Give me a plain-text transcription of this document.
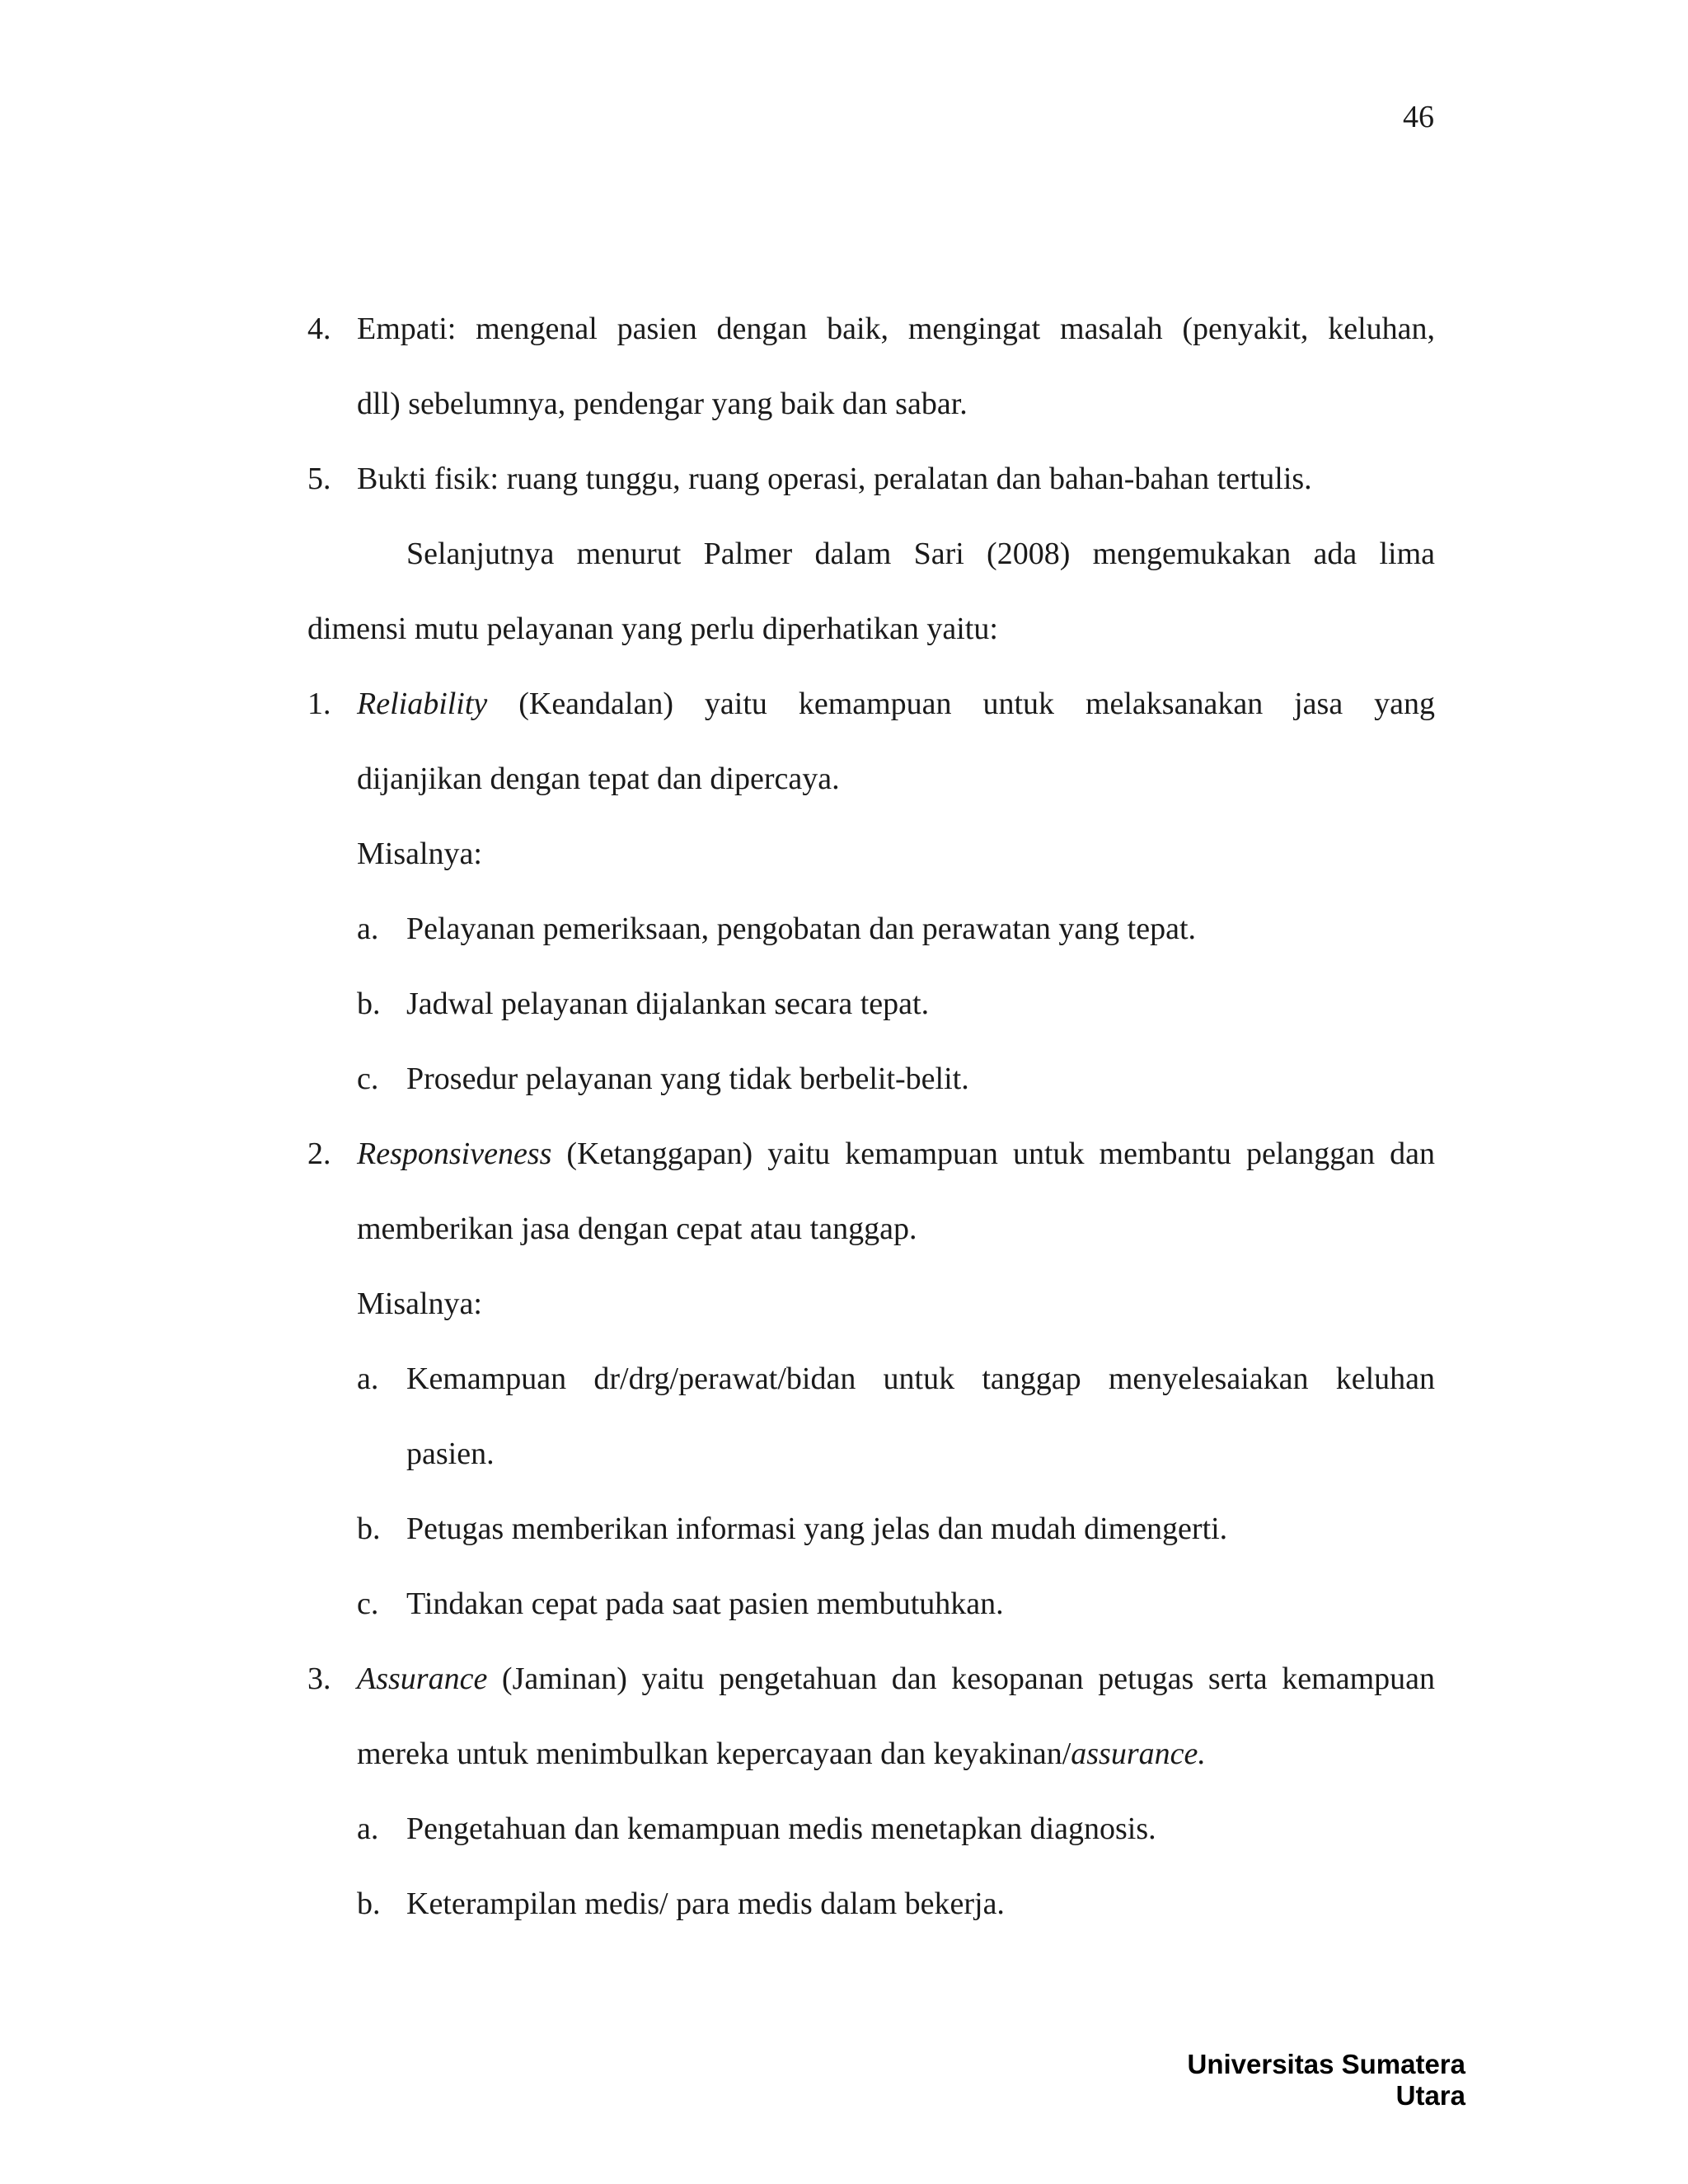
46
4. Empati: mengenal pasien dengan baik, mengingat masalah (penyakit, keluhan,
dll) sebelumnya, pendengar yang baik dan sabar.
5. Bukti fisik: ruang tunggu, ruang operasi, peralatan dan bahan-bahan tertulis.
Selanjutnya menurut Palmer dalam Sari (2008) mengemukakan ada lima
dimensi mutu pelayanan yang perlu diperhatikan yaitu:
1. Reliability (Keandalan) yaitu kemampuan untuk melaksanakan jasa yang
dijanjikan dengan tepat dan dipercaya.
Misalnya:
a. Pelayanan pemeriksaan, pengobatan dan perawatan yang tepat.
b. Jadwal pelayanan dijalankan secara tepat.
c. Prosedur pelayanan yang tidak berbelit-belit.
2. Responsiveness (Ketanggapan) yaitu kemampuan untuk membantu pelanggan dan
memberikan jasa dengan cepat atau tanggap.
Misalnya:
a. Kemampuan dr/drg/perawat/bidan untuk tanggap menyelesaiakan keluhan
pasien.
b. Petugas memberikan informasi yang jelas dan mudah dimengerti.
c. Tindakan cepat pada saat pasien membutuhkan.
3. Assurance (Jaminan) yaitu pengetahuan dan kesopanan petugas serta kemampuan
mereka untuk menimbulkan kepercayaan dan keyakinan/assurance.
a. Pengetahuan dan kemampuan medis menetapkan diagnosis.
b. Keterampilan medis/ para medis dalam bekerja.
Universitas Sumatera Utara
